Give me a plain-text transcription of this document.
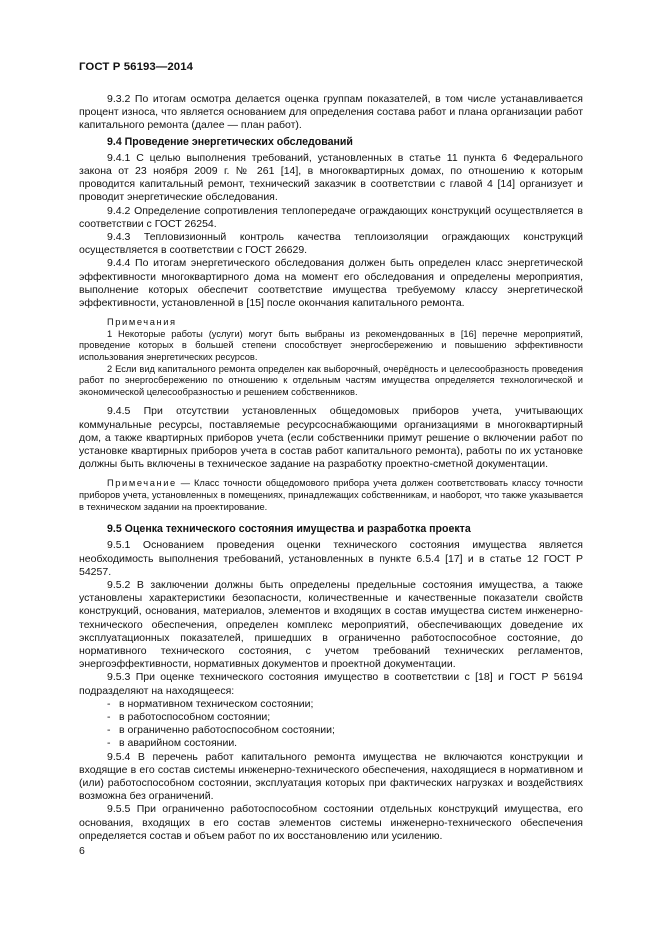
ГОСТ Р 56193—2014

9.3.2 По итогам осмотра делается оценка группам показателей, в том числе устанавливается процент износа, что является основанием для определения состава работ и плана организации работ капитального ремонта (далее — план работ).

9.4 Проведение энергетических обследований

9.4.1 С целью выполнения требований, установленных в статье 11 пункта 6 Федерального закона от 23 ноября 2009 г. № 261 [14], в многоквартирных домах, по отношению к которым проводится капитальный ремонт, технический заказчик в соответствии с главой 4 [14] организует и проводит энергетические обследования.

9.4.2 Определение сопротивления теплопередаче ограждающих конструкций осуществляется в соответствии с ГОСТ 26254.

9.4.3 Тепловизионный контроль качества теплоизоляции ограждающих конструкций осуществляется в соответствии с ГОСТ 26629.

9.4.4 По итогам энергетического обследования должен быть определен класс энергетической эффективности многоквартирного дома на момент его обследования и определены мероприятия, выполнение которых обеспечит соответствие имущества требуемому классу энергетической эффективности, установленной в [15] после окончания капитального ремонта.

Примечания

1 Некоторые работы (услуги) могут быть выбраны из рекомендованных в [16] перечне мероприятий, проведение которых в большей степени способствует энергосбережению и повышению эффективности использования энергетических ресурсов.

2 Если вид капитального ремонта определен как выборочный, очерёдность и целесообразность проведения работ по энергосбережению по отношению к отдельным частям имущества определяется технологической и экономической целесообразностью и решением собственников.

9.4.5 При отсутствии установленных общедомовых приборов учета, учитывающих коммунальные ресурсы, поставляемые ресурсоснабжающими организациями в многоквартирный дом, а также квартирных приборов учета (если собственники примут решение о включении работ по установке квартирных приборов учета в состав работ капитального ремонта), работы по их установке должны быть включены в техническое задание на разработку проектно-сметной документации.

Примечание — Класс точности общедомового прибора учета должен соответствовать классу точности приборов учета, установленных в помещениях, принадлежащих собственникам, и наоборот, что также указывается в техническом задании на проектирование.

9.5 Оценка технического состояния имущества и разработка проекта

9.5.1 Основанием проведения оценки технического состояния имущества является необходимость выполнения требований, установленных в пункте 6.5.4 [17] и в статье 12 ГОСТ Р 54257.

9.5.2 В заключении должны быть определены предельные состояния имущества, а также установлены характеристики безопасности, количественные и качественные показатели свойств конструкций, основания, материалов, элементов и входящих в состав имущества систем инженерно-технического обеспечения, определен комплекс мероприятий, обеспечивающих доведение их эксплуатационных показателей, пришедших в ограниченно работоспособное состояние, до нормативного технического состояния, с учетом требований технических регламентов, энергоэффективности, нормативных документов и проектной документации.

9.5.3 При оценке технического состояния имущество в соответствии с [18] и ГОСТ Р 56194 подразделяют на находящееся:

- в нормативном техническом состоянии;
- в работоспособном состоянии;
- в ограниченно работоспособном состоянии;
- в аварийном состоянии.

9.5.4 В перечень работ капитального ремонта имущества не включаются конструкции и входящие в его состав системы инженерно-технического обеспечения, находящиеся в нормативном и (или) работоспособном состоянии, эксплуатация которых при фактических нагрузках и воздействиях возможна без ограничений.

9.5.5 При ограниченно работоспособном состоянии отдельных конструкций имущества, его основания, входящих в его состав элементов системы инженерно-технического обеспечения определяется состав и объем работ по их восстановлению или усилению.

6
